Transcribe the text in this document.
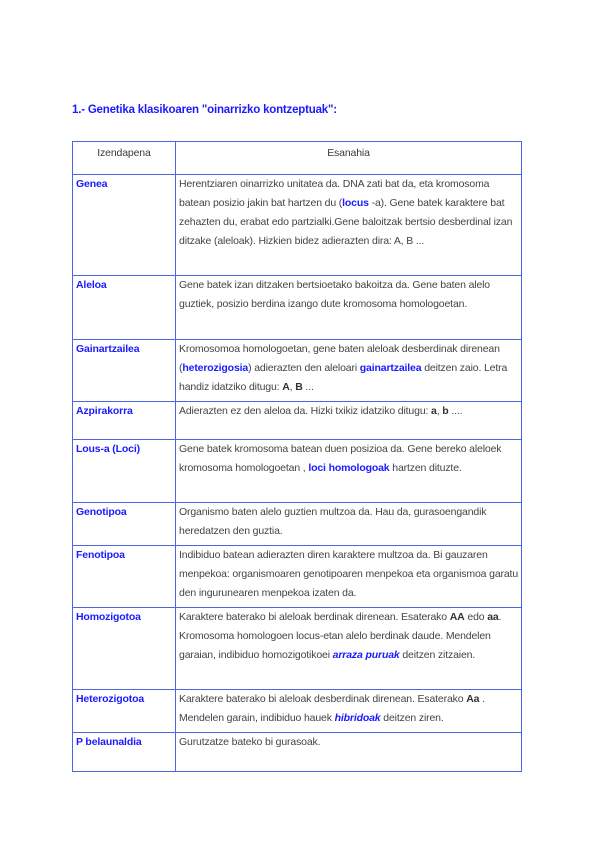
1.- Genetika klasikoaren "oinarrizko kontzeptuak":
Izendapena	Esanahia
Genea	Herentziaren oinarrizko unitatea da. DNA zati bat da, eta kromosoma batean posizio jakin bat hartzen du (locus -a). Gene batek karaktere bat zehazten du, erabat edo partzialki.Gene baloitzak bertsio desberdinal izan ditzake (aleloak). Hizkien bidez adierazten dira: A, B ...
Aleloa	Gene batek izan ditzaken bertsioetako bakoitza da. Gene baten alelo guztiek, posizio berdina izango dute kromosoma homologoetan.
Gainartzailea	Kromosomoa homologoetan, gene baten aleloak desberdinak direnean (heterozigosia) adierazten den aleloari gainartzailea deitzen zaio. Letra handiz idatziko ditugu: A, B ...
Azpirakorra	Adierazten ez den aleloa da. Hizki txikiz idatziko ditugu: a, b ....
Lous-a (Loci)	Gene batek kromosoma batean duen posizioa da. Gene bereko aleloek kromosoma homologoetan , loci homologoak hartzen dituzte.
Genotipoa	Organismo baten alelo guztien multzoa da. Hau da, gurasoengandik heredatzen den guztia.
Fenotipoa	Indibiduo batean adierazten diren karaktere multzoa da. Bi gauzaren menpekoa: organismoaren genotipoaren menpekoa eta organismoa garatu den ingurunearen menpekoa izaten da.
Homozigotoa	Karaktere baterako bi aleloak berdinak direnean. Esaterako AA edo aa. Kromosoma homologoen locus-etan alelo berdinak daude. Mendelen garaian, indibiduo homozigotikoei arraza puruak deitzen zitzaien.
Heterozigotoa	Karaktere baterako bi aleloak desberdinak direnean. Esaterako Aa . Mendelen garain, indibiduo hauek hibridoak deitzen ziren.
P belaunaldia	Gurutzatze bateko bi gurasoak.
